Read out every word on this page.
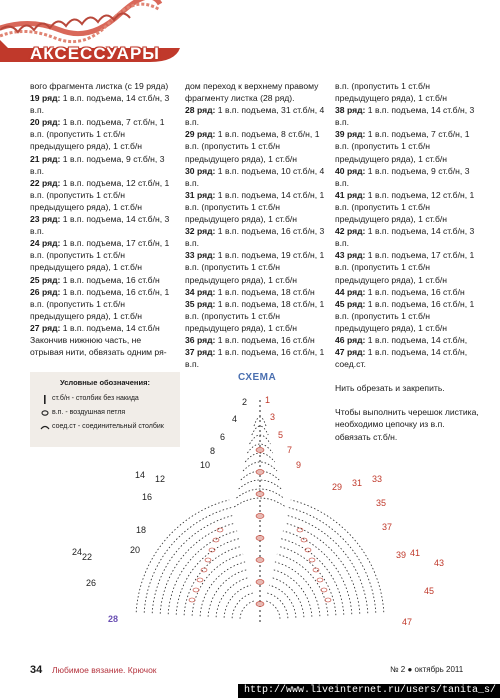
АКСЕССУАРЫ

вого фрагмента листка (с 19 ряда)

19 ряд: 1 в.п. подъема, 14 ст.б/н, 3 в.п.

20 ряд: 1 в.п. подъема, 7 ст.б/н, 1 в.п. (пропустить 1 ст.б/н предыдущего ряда), 1 ст.б/н

21 ряд: 1 в.п. подъема, 9 ст.б/н, 3 в.п.

22 ряд: 1 в.п. подъема, 12 ст.б/н, 1 в.п. (пропустить 1 ст.б/н предыдущего ряда), 1 ст.б/н

23 ряд: 1 в.п. подъема, 14 ст.б/н, 3 в.п.

24 ряд: 1 в.п. подъема, 17 ст.б/н, 1 в.п. (пропустить 1 ст.б/н предыдущего ряда), 1 ст.б/н

25 ряд: 1 в.п. подъема, 16 ст.б/н

26 ряд: 1 в.п. подъема, 16 ст.б/н, 1 в.п. (пропустить 1 ст.б/н предыдущего ряда), 1 ст.б/н

27 ряд: 1 в.п. подъема, 14 ст.б/н

Закончив нижнюю часть, не отрывая нити, обвязать одним ря-

дом переход к верхнему правому фрагменту листка (28 ряд).

28 ряд: 1 в.п. подъема, 31 ст.б/н, 4 в.п.

29 ряд: 1 в.п. подъема, 8 ст.б/н, 1 в.п. (пропустить 1 ст.б/н предыдущего ряда), 1 ст.б/н

30 ряд: 1 в.п. подъема, 10 ст.б/н, 4 в.п.

31 ряд: 1 в.п. подъема, 14 ст.б/н, 1 в.п. (пропустить 1 ст.б/н предыдущего ряда), 1 ст.б/н

32 ряд: 1 в.п. подъема, 16 ст.б/н, 3 в.п.

33 ряд: 1 в.п. подъема, 19 ст.б/н, 1 в.п. (пропустить 1 ст.б/н предыдущего ряда), 1 ст.б/н

34 ряд: 1 в.п. подъема, 18 ст.б/н

35 ряд: 1 в.п. подъема, 18 ст.б/н, 1 в.п. (пропустить 1 ст.б/н предыдущего ряда), 1 ст.б/н

36 ряд: 1 в.п. подъема, 16 ст.б/н

37 ряд: 1 в.п. подъема, 16 ст.б/н, 1 в.п.

в.п. (пропустить 1 ст.б/н предыдущего ряда), 1 ст.б/н

38 ряд: 1 в.п. подъема, 14 ст.б/н, 3 в.п.

39 ряд: 1 в.п. подъема, 7 ст.б/н, 1 в.п. (пропустить 1 ст.б/н предыдущего ряда), 1 ст.б/н

40 ряд: 1 в.п. подъема, 9 ст.б/н, 3 в.п.

41 ряд: 1 в.п. подъема, 12 ст.б/н, 1 в.п. (пропустить 1 ст.б/н предыдущего ряда), 1 ст.б/н

42 ряд: 1 в.п. подъема, 14 ст.б/н, 3 в.п.

43 ряд: 1 в.п. подъема, 17 ст.б/н, 1 в.п. (пропустить 1 ст.б/н предыдущего ряда), 1 ст.б/н

44 ряд: 1 в.п. подъема, 16 ст.б/н

45 ряд: 1 в.п. подъема, 16 ст.б/н, 1 в.п. (пропустить 1 ст.б/н предыдущего ряда), 1 ст.б/н

46 ряд: 1 в.п. подъема, 14 ст.б/н,

47 ряд: 1 в.п. подъема, 14 ст.б/н, соед.ст.

Нить обрезать и закрепить.

Чтобы выполнить черешок листика, необходимо цепочку из в.п. обвязать ст.б/н.

Условные обозначения:
ст.б/н - столбик без накида
в.п. - воздушная петля
соед.ст - соединительный столбик
СХЕМА
2
4
6
8
10
12
14
16
18
20
22
24
26
1
3
5
7
9
29 31 33
35
37
39 41
43
45
47
28
34 Любимое вязание. Крючок	№ 2 ● октябрь 2011
http://www.liveinternet.ru/users/tanita_s/
